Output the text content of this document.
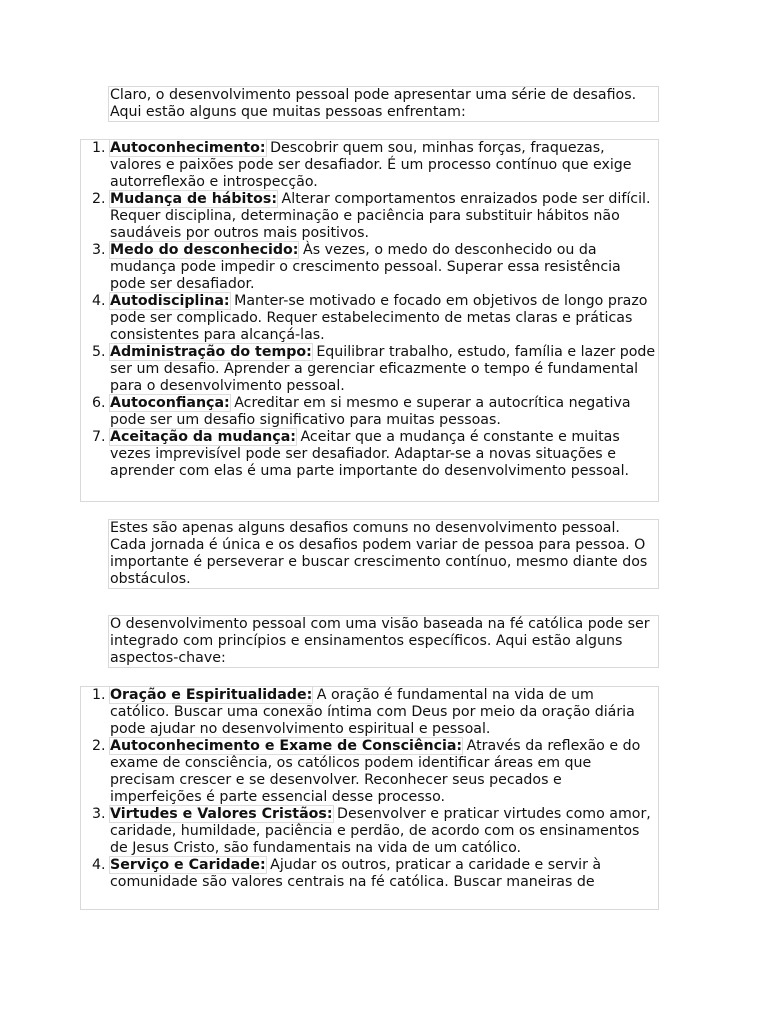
Claro, o desenvolvimento pessoal pode apresentar uma série de desafios. Aqui estão alguns que muitas pessoas enfrentam:

1. Autoconhecimento: Descobrir quem sou, minhas forças, fraquezas, valores e paixões pode ser desafiador. É um processo contínuo que exige autorreflexão e introspecção.
2. Mudança de hábitos: Alterar comportamentos enraizados pode ser difícil. Requer disciplina, determinação e paciência para substituir hábitos não saudáveis por outros mais positivos.
3. Medo do desconhecido: Às vezes, o medo do desconhecido ou da mudança pode impedir o crescimento pessoal. Superar essa resistência pode ser desafiador.
4. Autodisciplina: Manter-se motivado e focado em objetivos de longo prazo pode ser complicado. Requer estabelecimento de metas claras e práticas consistentes para alcançá-las.
5. Administração do tempo: Equilibrar trabalho, estudo, família e lazer pode ser um desafio. Aprender a gerenciar eficazmente o tempo é fundamental para o desenvolvimento pessoal.
6. Autoconfiança: Acreditar em si mesmo e superar a autocrítica negativa pode ser um desafio significativo para muitas pessoas.
7. Aceitação da mudança: Aceitar que a mudança é constante e muitas vezes imprevisível pode ser desafiador. Adaptar-se a novas situações e aprender com elas é uma parte importante do desenvolvimento pessoal.

Estes são apenas alguns desafios comuns no desenvolvimento pessoal. Cada jornada é única e os desafios podem variar de pessoa para pessoa. O importante é perseverar e buscar crescimento contínuo, mesmo diante dos obstáculos.

O desenvolvimento pessoal com uma visão baseada na fé católica pode ser integrado com princípios e ensinamentos específicos. Aqui estão alguns aspectos-chave:

1. Oração e Espiritualidade: A oração é fundamental na vida de um católico. Buscar uma conexão íntima com Deus por meio da oração diária pode ajudar no desenvolvimento espiritual e pessoal.
2. Autoconhecimento e Exame de Consciência: Através da reflexão e do exame de consciência, os católicos podem identificar áreas em que precisam crescer e se desenvolver. Reconhecer seus pecados e imperfeições é parte essencial desse processo.
3. Virtudes e Valores Cristãos: Desenvolver e praticar virtudes como amor, caridade, humildade, paciência e perdão, de acordo com os ensinamentos de Jesus Cristo, são fundamentais na vida de um católico.
4. Serviço e Caridade: Ajudar os outros, praticar a caridade e servir à comunidade são valores centrais na fé católica. Buscar maneiras de
